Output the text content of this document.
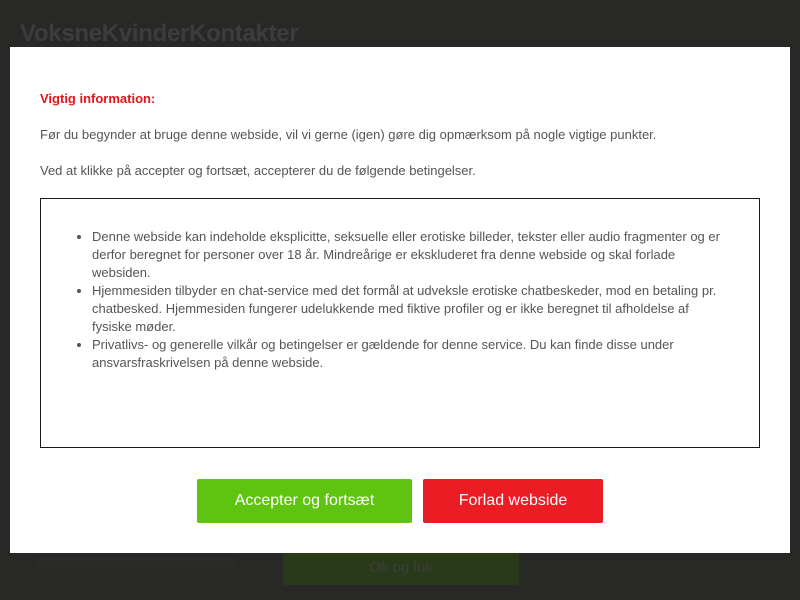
VoksneKvinderKontakter
Ok og luk

Vigtig information:

Før du begynder at bruge denne webside, vil vi gerne (igen) gøre dig opmærksom på nogle vigtige punkter.

Ved at klikke på accepter og fortsæt, accepterer du de følgende betingelser.

• Denne webside kan indeholde eksplicitte, seksuelle eller erotiske billeder, tekster eller audio fragmenter og er derfor beregnet for personer over 18 år. Mindreårige er ekskluderet fra denne webside og skal forlade websiden.
• Hjemmesiden tilbyder en chat-service med det formål at udveksle erotiske chatbeskeder, mod en betaling pr. chatbesked. Hjemmesiden fungerer udelukkende med fiktive profiler og er ikke beregnet til afholdelse af fysiske møder.
• Privatlivs- og generelle vilkår og betingelser er gældende for denne service. Du kan finde disse under ansvarsfraskrivelsen på denne webside.
Accepter og fortsæt	Forlad webside
